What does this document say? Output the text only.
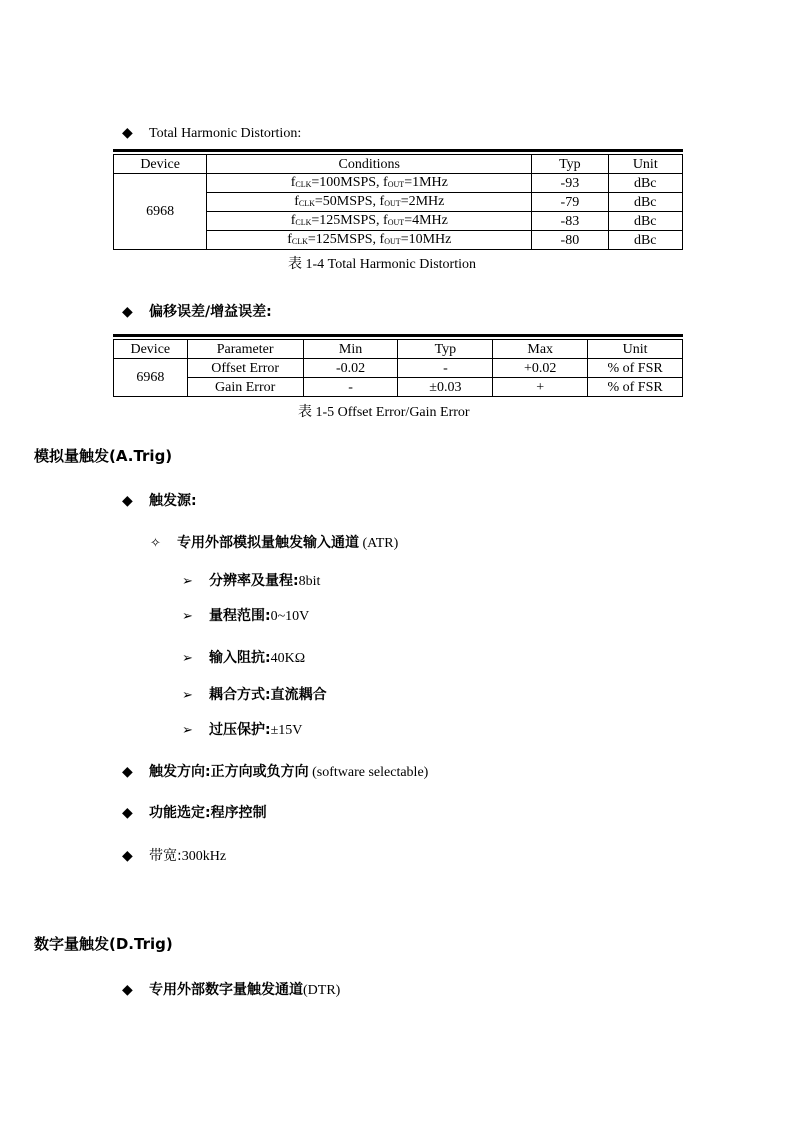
◆ Total Harmonic Distortion:
Device	Conditions	Typ	Unit
6968	$f_{CLK}=100MSPS$, $f_{OUT}=1MHz$	-93	dBc
	$f_{CLK}=50MSPS$, $f_{OUT}=2MHz$	-79	dBc
	$f_{CLK}=125MSPS$, $f_{OUT}=4MHz$	-83	dBc
	$f_{CLK}=125MSPS$, $f_{OUT}=10MHz$	-80	dBc
表 1-4 Total Harmonic Distortion
◆ 偏移误差/增益误差:
Device	Parameter	Min	Typ	Max	Unit
6968	Offset Error	-0.02	-	+0.02	% of FSR
	Gain Error	-	±0.03	+	% of FSR
表 1-5 Offset Error/Gain Error
模拟量触发(A.Trig)
◆ 触发源:
✧ 专用外部模拟量触发输入通道 (ATR)
➢ 分辨率及量程:8bit
➢ 量程范围:0~10V
➢ 输入阻抗:40KΩ
➢ 耦合方式:直流耦合
➢ 过压保护:±15V
◆ 触发方向:正方向或负方向 (software selectable)
◆ 功能选定:程序控制
◆ 带宽:300kHz
数字量触发(D.Trig)
◆ 专用外部数字量触发通道(DTR)
